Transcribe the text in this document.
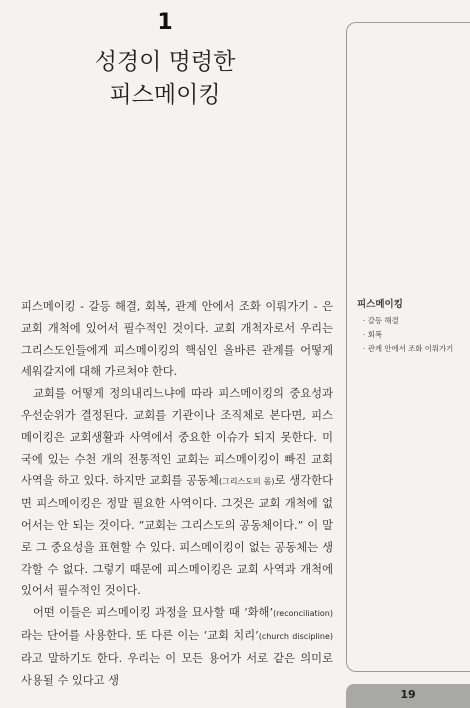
1
성경이 명령한
피스메이킹

피스메이킹 - 갈등 해결, 회복, 관계 안에서 조화 이뤄가기 - 은 교회 개척에 있어서 필수적인 것이다. 교회 개척자로서 우리는 그리스도인들에게 피스메이킹의 핵심인 올바른 관계를 어떻게 세워갈지에 대해 가르쳐야 한다.

교회를 어떻게 정의내리느냐에 따라 피스메이킹의 중요성과 우선순위가 결정된다. 교회를 기관이나 조직체로 본다면, 피스메이킹은 교회생활과 사역에서 중요한 이슈가 되지 못한다. 미국에 있는 수천 개의 전통적인 교회는 피스메이킹이 빠진 교회 사역을 하고 있다. 하지만 교회를 공동체(그리스도의 몸)로 생각한다면 피스메이킹은 정말 필요한 사역이다. 그것은 교회 개척에 없어서는 안 되는 것이다. “교회는 그리스도의 공동체이다.” 이 말로 그 중요성을 표현할 수 있다. 피스메이킹이 없는 공동체는 생각할 수 없다. 그렇기 때문에 피스메이킹은 교회 사역과 개척에 있어서 필수적인 것이다.

어떤 이들은 피스메이킹 과정을 묘사할 때 ‘화해’(reconciliation)라는 단어를 사용한다. 또 다른 이는 ‘교회 치리’(church discipline)라고 말하기도 한다. 우리는 이 모든 용어가 서로 같은 의미로 사용될 수 있다고 생

피스메이킹
· 갈등 해결
· 회복
· 관계 안에서 조화 이뤄가기
19
